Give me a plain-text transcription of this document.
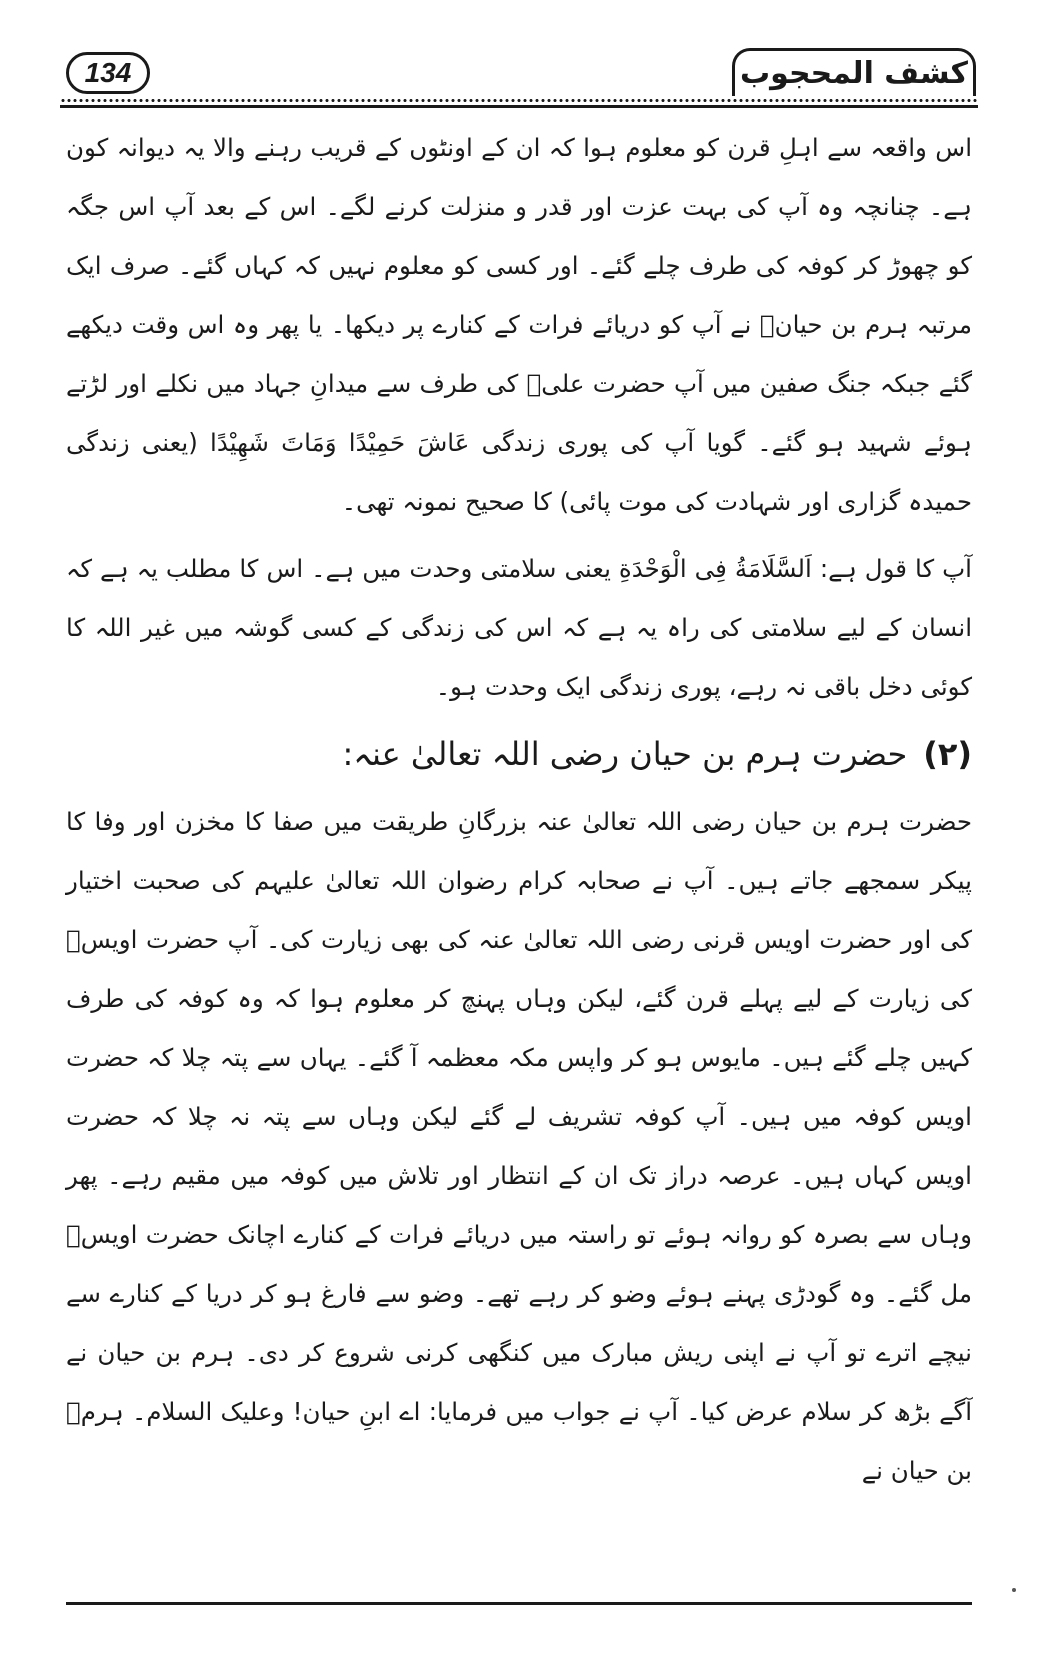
134	کشف المحجوب

اس واقعہ سے اہلِ قرن کو معلوم ہوا کہ ان کے اونٹوں کے قریب رہنے والا یہ دیوانہ کون ہے۔ چنانچہ وہ آپ کی بہت عزت اور قدر و منزلت کرنے لگے۔ اس کے بعد آپ اس جگہ کو چھوڑ کر کوفہ کی طرف چلے گئے۔ اور کسی کو معلوم نہیں کہ کہاں گئے۔ صرف ایک مرتبہ ہرم بن حیانؓ نے آپ کو دریائے فرات کے کنارے پر دیکھا۔ یا پھر وہ اس وقت دیکھے گئے جبکہ جنگ صفین میں آپ حضرت علیؓ کی طرف سے میدانِ جہاد میں نکلے اور لڑتے ہوئے شہید ہو گئے۔ گویا آپ کی پوری زندگی عَاشَ حَمِیْدًا وَمَاتَ شَهِیْدًا (یعنی زندگی حمیدہ گزاری اور شہادت کی موت پائی) کا صحیح نمونہ تھی۔

آپ کا قول ہے: اَلسَّلَامَةُ فِی الْوَحْدَةِ یعنی سلامتی وحدت میں ہے۔ اس کا مطلب یہ ہے کہ انسان کے لیے سلامتی کی راہ یہ ہے کہ اس کی زندگی کے کسی گوشہ میں غیر اللہ کا کوئی دخل باقی نہ رہے، پوری زندگی ایک وحدت ہو۔

(۲)حضرت ہرم بن حیان رضی اللہ تعالیٰ عنہ:

حضرت ہرم بن حیان رضی اللہ تعالیٰ عنہ بزرگانِ طریقت میں صفا کا مخزن اور وفا کا پیکر سمجھے جاتے ہیں۔ آپ نے صحابہ کرام رضوان اللہ تعالیٰ علیہم کی صحبت اختیار کی اور حضرت اویس قرنی رضی اللہ تعالیٰ عنہ کی بھی زیارت کی۔ آپ حضرت اویسؓ کی زیارت کے لیے پہلے قرن گئے، لیکن وہاں پہنچ کر معلوم ہوا کہ وہ کوفہ کی طرف کہیں چلے گئے ہیں۔ مایوس ہو کر واپس مکہ معظمہ آ گئے۔ یہاں سے پتہ چلا کہ حضرت اویس کوفہ میں ہیں۔ آپ کوفہ تشریف لے گئے لیکن وہاں سے پتہ نہ چلا کہ حضرت اویس کہاں ہیں۔ عرصہ دراز تک ان کے انتظار اور تلاش میں کوفہ میں مقیم رہے۔ پھر وہاں سے بصرہ کو روانہ ہوئے تو راستہ میں دریائے فرات کے کنارے اچانک حضرت اویسؓ مل گئے۔ وہ گودڑی پہنے ہوئے وضو کر رہے تھے۔ وضو سے فارغ ہو کر دریا کے کنارے سے نیچے اترے تو آپ نے اپنی ریش مبارک میں کنگھی کرنی شروع کر دی۔ ہرم بن حیان نے آگے بڑھ کر سلام عرض کیا۔ آپ نے جواب میں فرمایا: اے ابنِ حیان! وعلیک السلام۔ ہرمؓ بن حیان نے
